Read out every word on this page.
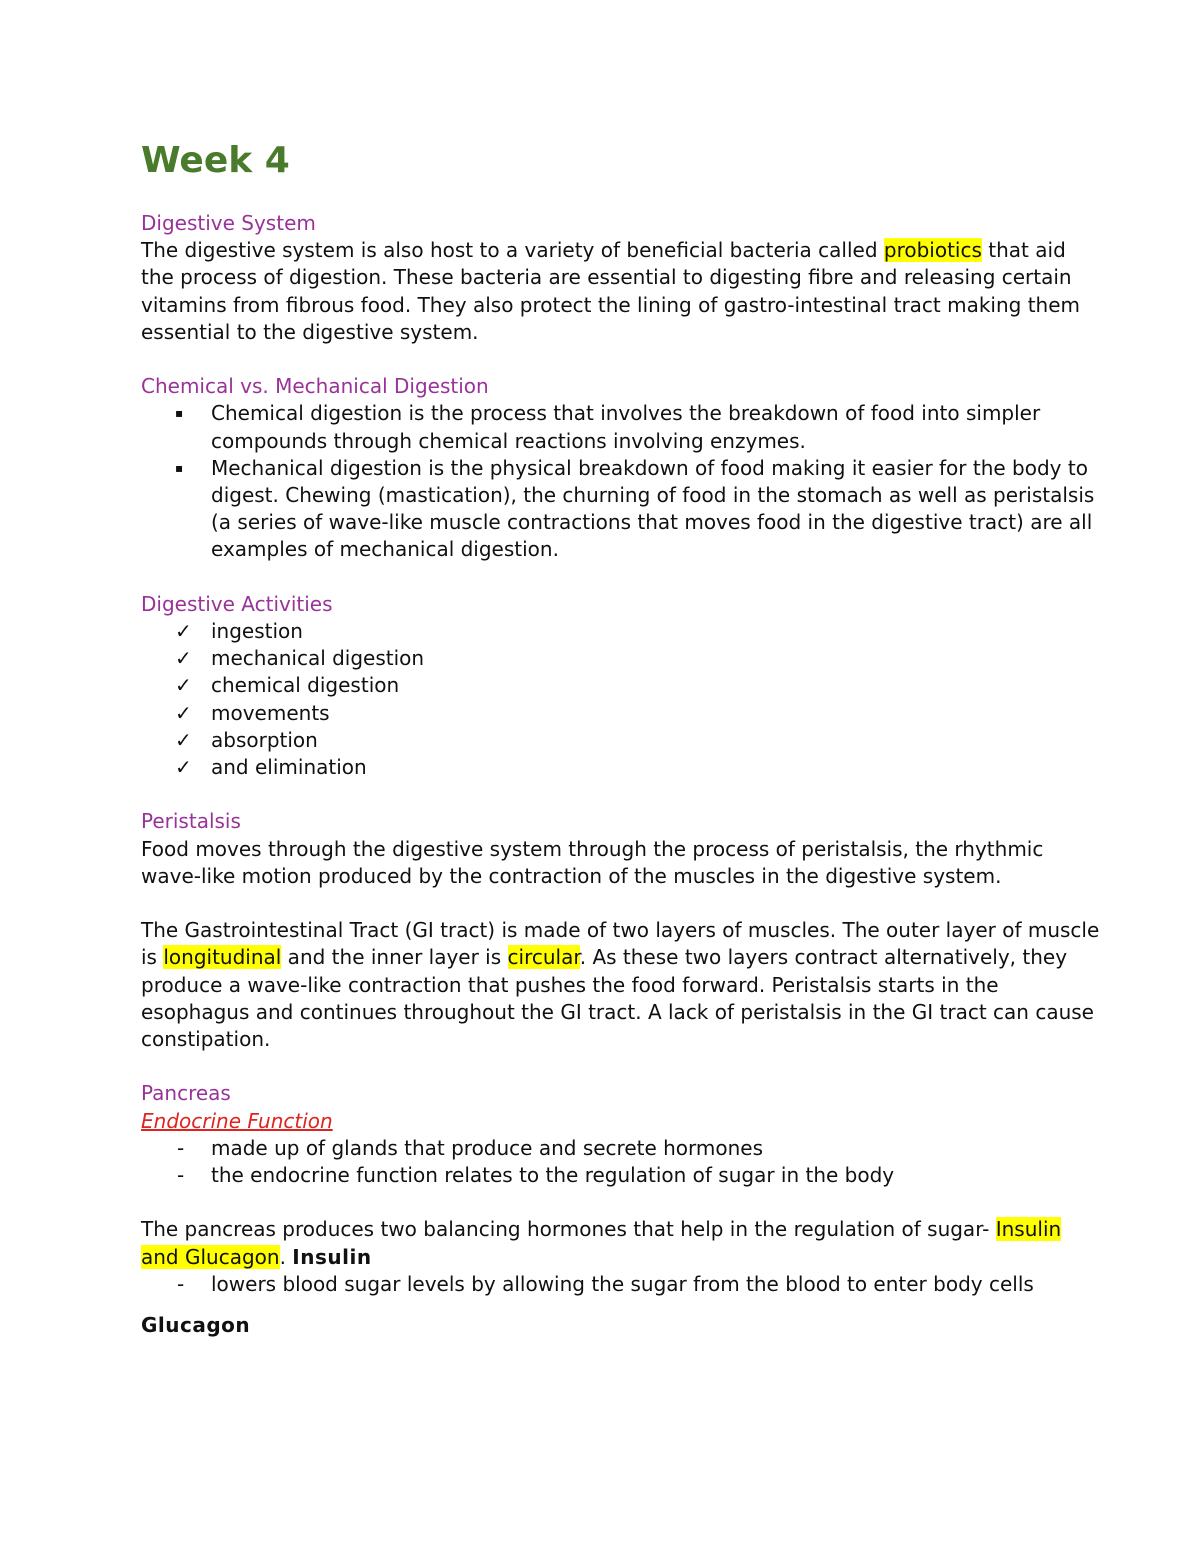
Week 4
Digestive System

The digestive system is also host to a variety of beneficial bacteria called probiotics that aid the process of digestion. These bacteria are essential to digesting fibre and releasing certain vitamins from fibrous food. They also protect the lining of gastro-intestinal tract making them essential to the digestive system.

Chemical vs. Mechanical Digestion
▪ Chemical digestion is the process that involves the breakdown of food into simpler compounds through chemical reactions involving enzymes.
▪ Mechanical digestion is the physical breakdown of food making it easier for the body to digest. Chewing (mastication), the churning of food in the stomach as well as peristalsis (a series of wave-like muscle contractions that moves food in the digestive tract) are all examples of mechanical digestion.
Digestive Activities
✓ ingestion
✓ mechanical digestion
✓ chemical digestion
✓ movements
✓ absorption
✓ and elimination
Peristalsis

Food moves through the digestive system through the process of peristalsis, the rhythmic wave-like motion produced by the contraction of the muscles in the digestive system.

The Gastrointestinal Tract (GI tract) is made of two layers of muscles. The outer layer of muscle is longitudinal and the inner layer is circular. As these two layers contract alternatively, they produce a wave-like contraction that pushes the food forward. Peristalsis starts in the esophagus and continues throughout the GI tract. A lack of peristalsis in the GI tract can cause constipation.

Pancreas
Endocrine Function
- made up of glands that produce and secrete hormones
- the endocrine function relates to the regulation of sugar in the body

The pancreas produces two balancing hormones that help in the regulation of sugar- Insulin and Glucagon. Insulin

- lowers blood sugar levels by allowing the sugar from the blood to enter body cells

Glucagon
